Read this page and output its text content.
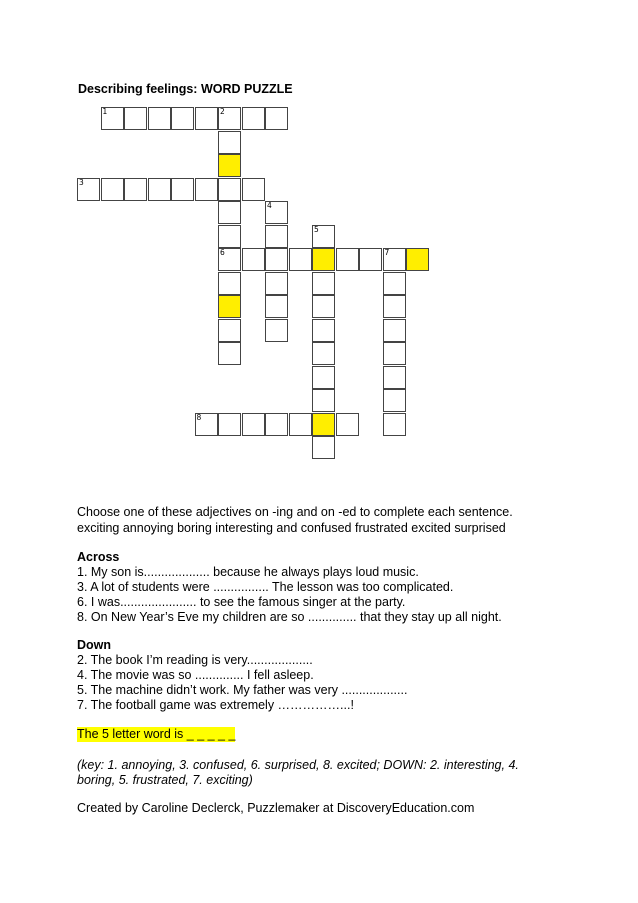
Describing feelings: WORD PUZZLE
1	2
3
4
5
6	7
8
Choose one of these adjectives on -ing and on -ed to complete each sentence.
exciting annoying boring interesting and confused frustrated excited surprised
Across
1. My son is................... because he always plays loud music.
3. A lot of students were ................ The lesson was too complicated.
6. I was...................... to see the famous singer at the party.
8. On New Year’s Eve my children are so .............. that they stay up all night.
Down
2. The book I’m reading is very...................
4. The movie was so .............. I fell asleep.
5. The machine didn’t work. My father was very ...................
7. The football game was extremely ……………...!
The 5 letter word is _ _ _ _ _
(key: 1. annoying, 3. confused, 6. surprised, 8. excited; DOWN: 2. interesting, 4.
boring, 5. frustrated, 7. exciting)
Created by Caroline Declerck, Puzzlemaker at DiscoveryEducation.com
